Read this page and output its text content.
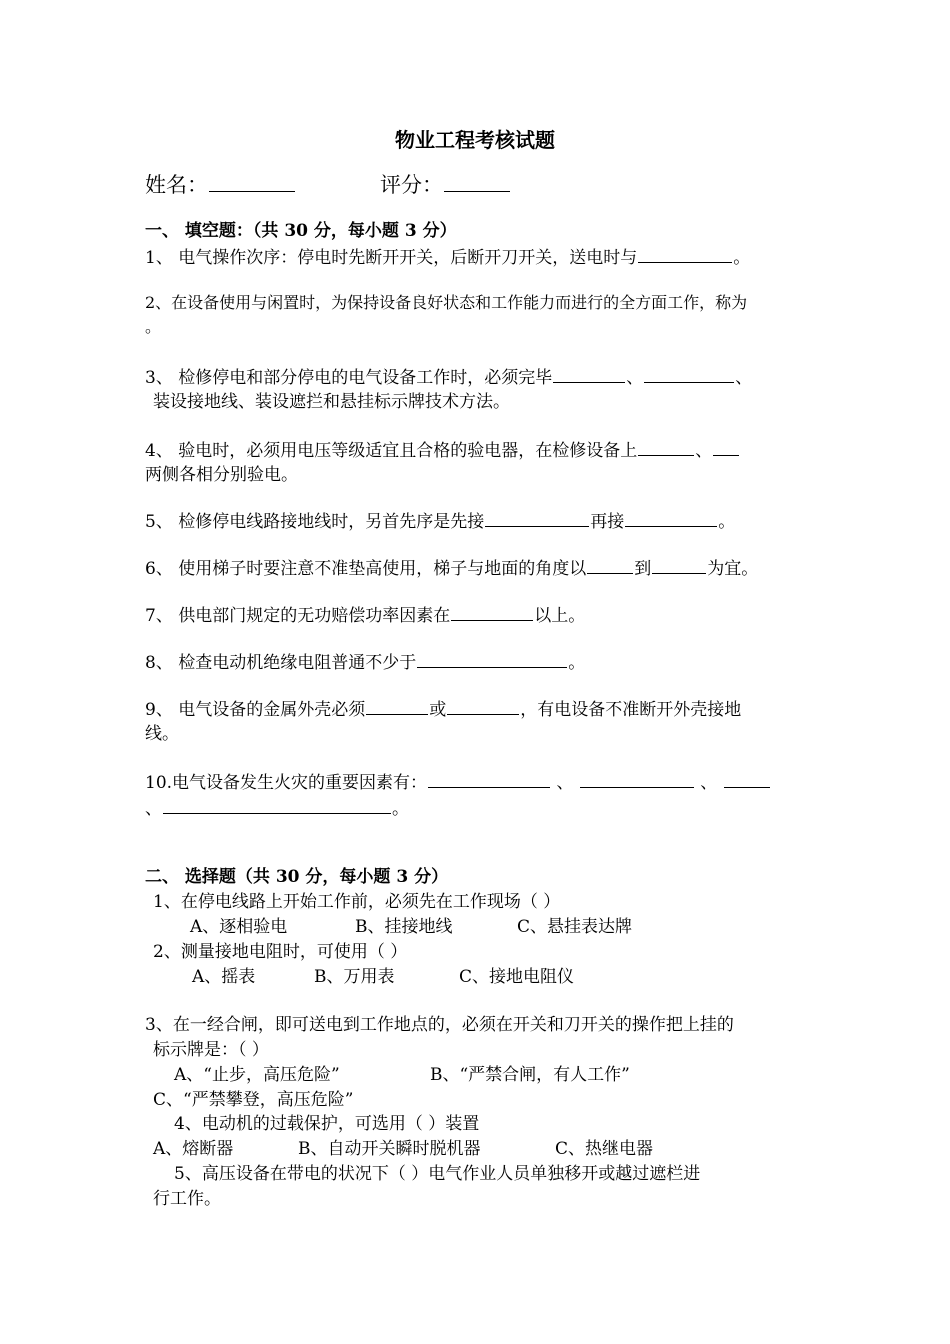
物业工程考核试题
姓名：	评分：
一、 填空题：（共 30 分，每小题 3 分）
1、 电气操作次序：停电时先断开开关，后断开刀开关，送电时与	。
2、在设备使用与闲置时，为保持设备良好状态和工作能力而进行的全方面工作，称为
。
3、 检修停电和部分停电的电气设备工作时，必须完毕	、	、
装设接地线、装设遮拦和悬挂标示牌技术方法。
4、 验电时，必须用电压等级适宜且合格的验电器，在检修设备上	、
两侧各相分别验电。
5、 检修停电线路接地线时，另首先序是先接	再接	。
6、 使用梯子时要注意不准垫高使用，梯子与地面的角度以	到	为宜。
7、 供电部门规定的无功赔偿功率因素在	以上。
8、 检查电动机绝缘电阻普通不少于	。
9、 电气设备的金属外壳必须	或	，有电设备不准断开外壳接地
线。
10.电气设备发生火灾的重要因素有：	、	、
、	。
二、 选择题（共 30 分，每小题 3 分）
1、在停电线路上开始工作前，必须先在工作现场（ ）
A、逐相验电	B、挂接地线	C、悬挂表达牌
2、测量接地电阻时，可使用（ ）
A、摇表	B、万用表	C、接地电阻仪
3、在一经合闸，即可送电到工作地点的，必须在开关和刀开关的操作把上挂的
标示牌是：（ ）
A、“止步，高压危险”	B、“严禁合闸，有人工作”
C、“严禁攀登，高压危险”
4、电动机的过载保护，可选用（ ）装置
A、熔断器	B、自动开关瞬时脱机器	C、热继电器
5、高压设备在带电的状况下（ ）电气作业人员单独移开或越过遮栏进
行工作。
